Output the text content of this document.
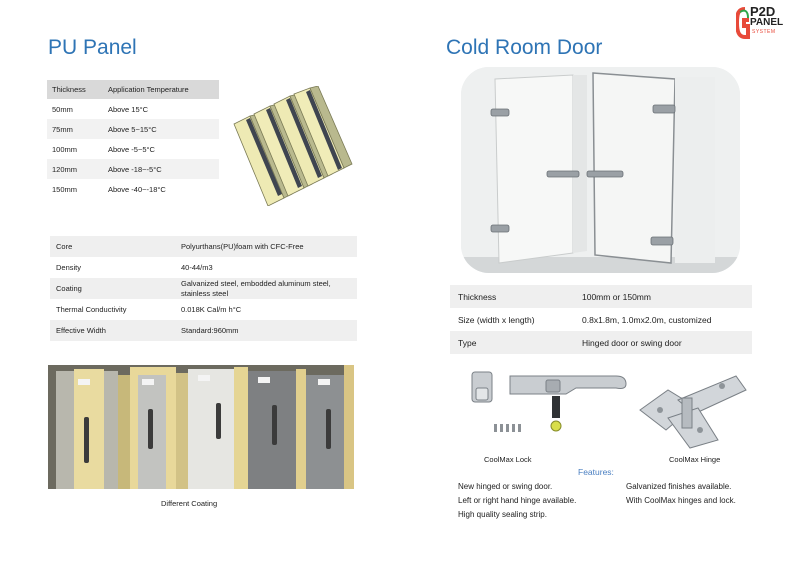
P2D
PANEL
SYSTEM
PU Panel	Cold Room Door
Thickness	Application Temperature
50mm	Above 15°C
75mm	Above 5~15°C
100mm	Above -5~5°C
120mm	Above -18~-5°C
150mm	Above -40~-18°C
Core	Polyurthans(PU)foam with CFC-Free
Density	40-44/m3
Coating	Galvanized steel, embodded aluminum steel, stainless steel
Thermal Conductivity	0.018K Cal/m h°C
Effective Width	Standard:960mm
Different Coating
Thickness	100mm or 150mm
Size (width x length)	0.8x1.8m, 1.0mx2.0m, customized
Type	Hinged door or swing door
CoolMax Lock	CoolMax Hinge
Features:
New hinged or swing door.
Left or right hand hinge available.
High quality sealing strip.
Galvanized finishes available.
With CoolMax hinges and lock.
